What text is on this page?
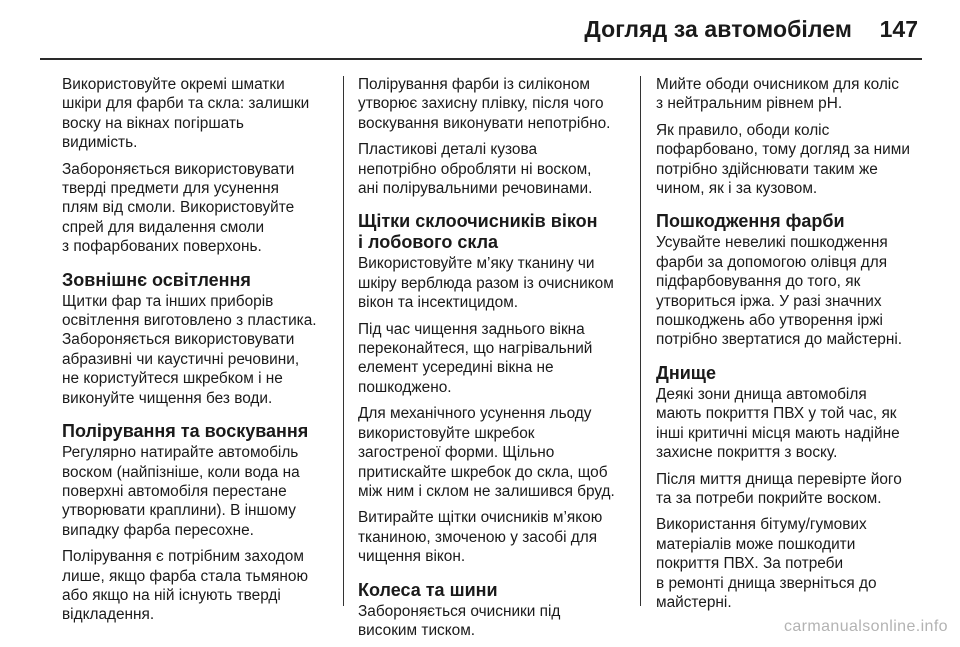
Догляд за автомобілем 147

Використовуйте окремі шматки
шкіри для фарби та скла: залишки
воску на вікнах погіршать
видимість.

Забороняється використовувати
тверді предмети для усунення
плям від смоли. Використовуйте
спрей для видалення смоли
з пофарбованих поверхонь.

Зовнішнє освітлення

Щитки фар та інших приборів
освітлення виготовлено з пластика.
Забороняється використовувати
абразивні чи каустичні речовини,
не користуйтеся шкребком і не
виконуйте чищення без води.

Полірування та воскування

Регулярно натирайте автомобіль
воском (найпізніше, коли вода на
поверхні автомобіля перестане
утворювати краплини). В іншому
випадку фарба пересохне.

Полірування є потрібним заходом
лише, якщо фарба стала тьмяною
або якщо на ній існують тверді
відкладення.

Полірування фарби із силіконом
утворює захисну плівку, після чого
воскування виконувати непотрібно.

Пластикові деталі кузова
непотрібно обробляти ні воском,
ані полірувальними речовинами.

Щітки склоочисників вікон
і лобового скла

Використовуйте м’яку тканину чи
шкіру верблюда разом із очисником
вікон та інсектицидом.

Під час чищення заднього вікна
переконайтеся, що нагрівальний
елемент усередині вікна не
пошкоджено.

Для механічного усунення льоду
використовуйте шкребок
загостреної форми. Щільно
притискайте шкребок до скла, щоб
між ним і склом не залишився бруд.

Витирайте щітки очисників м’якою
тканиною, змоченою у засобі для
чищення вікон.

Колеса та шини

Забороняється очисники під
високим тиском.

Мийте ободи очисником для коліс
з нейтральним рівнем pH.

Як правило, ободи коліс
пофарбовано, тому догляд за ними
потрібно здійснювати таким же
чином, як і за кузовом.

Пошкодження фарби

Усувайте невеликі пошкодження
фарби за допомогою олівця для
підфарбовування до того, як
утвориться іржа. У разі значних
пошкоджень або утворення іржі
потрібно звертатися до майстерні.

Днище

Деякі зони днища автомобіля
мають покриття ПВХ у той час, як
інші критичні місця мають надійне
захисне покриття з воску.

Після миття днища перевірте його
та за потреби покрийте воском.

Використання бітуму/гумових
матеріалів може пошкодити
покриття ПВХ. За потреби
в ремонті днища зверніться до
майстерні.

carmanualsonline.info
